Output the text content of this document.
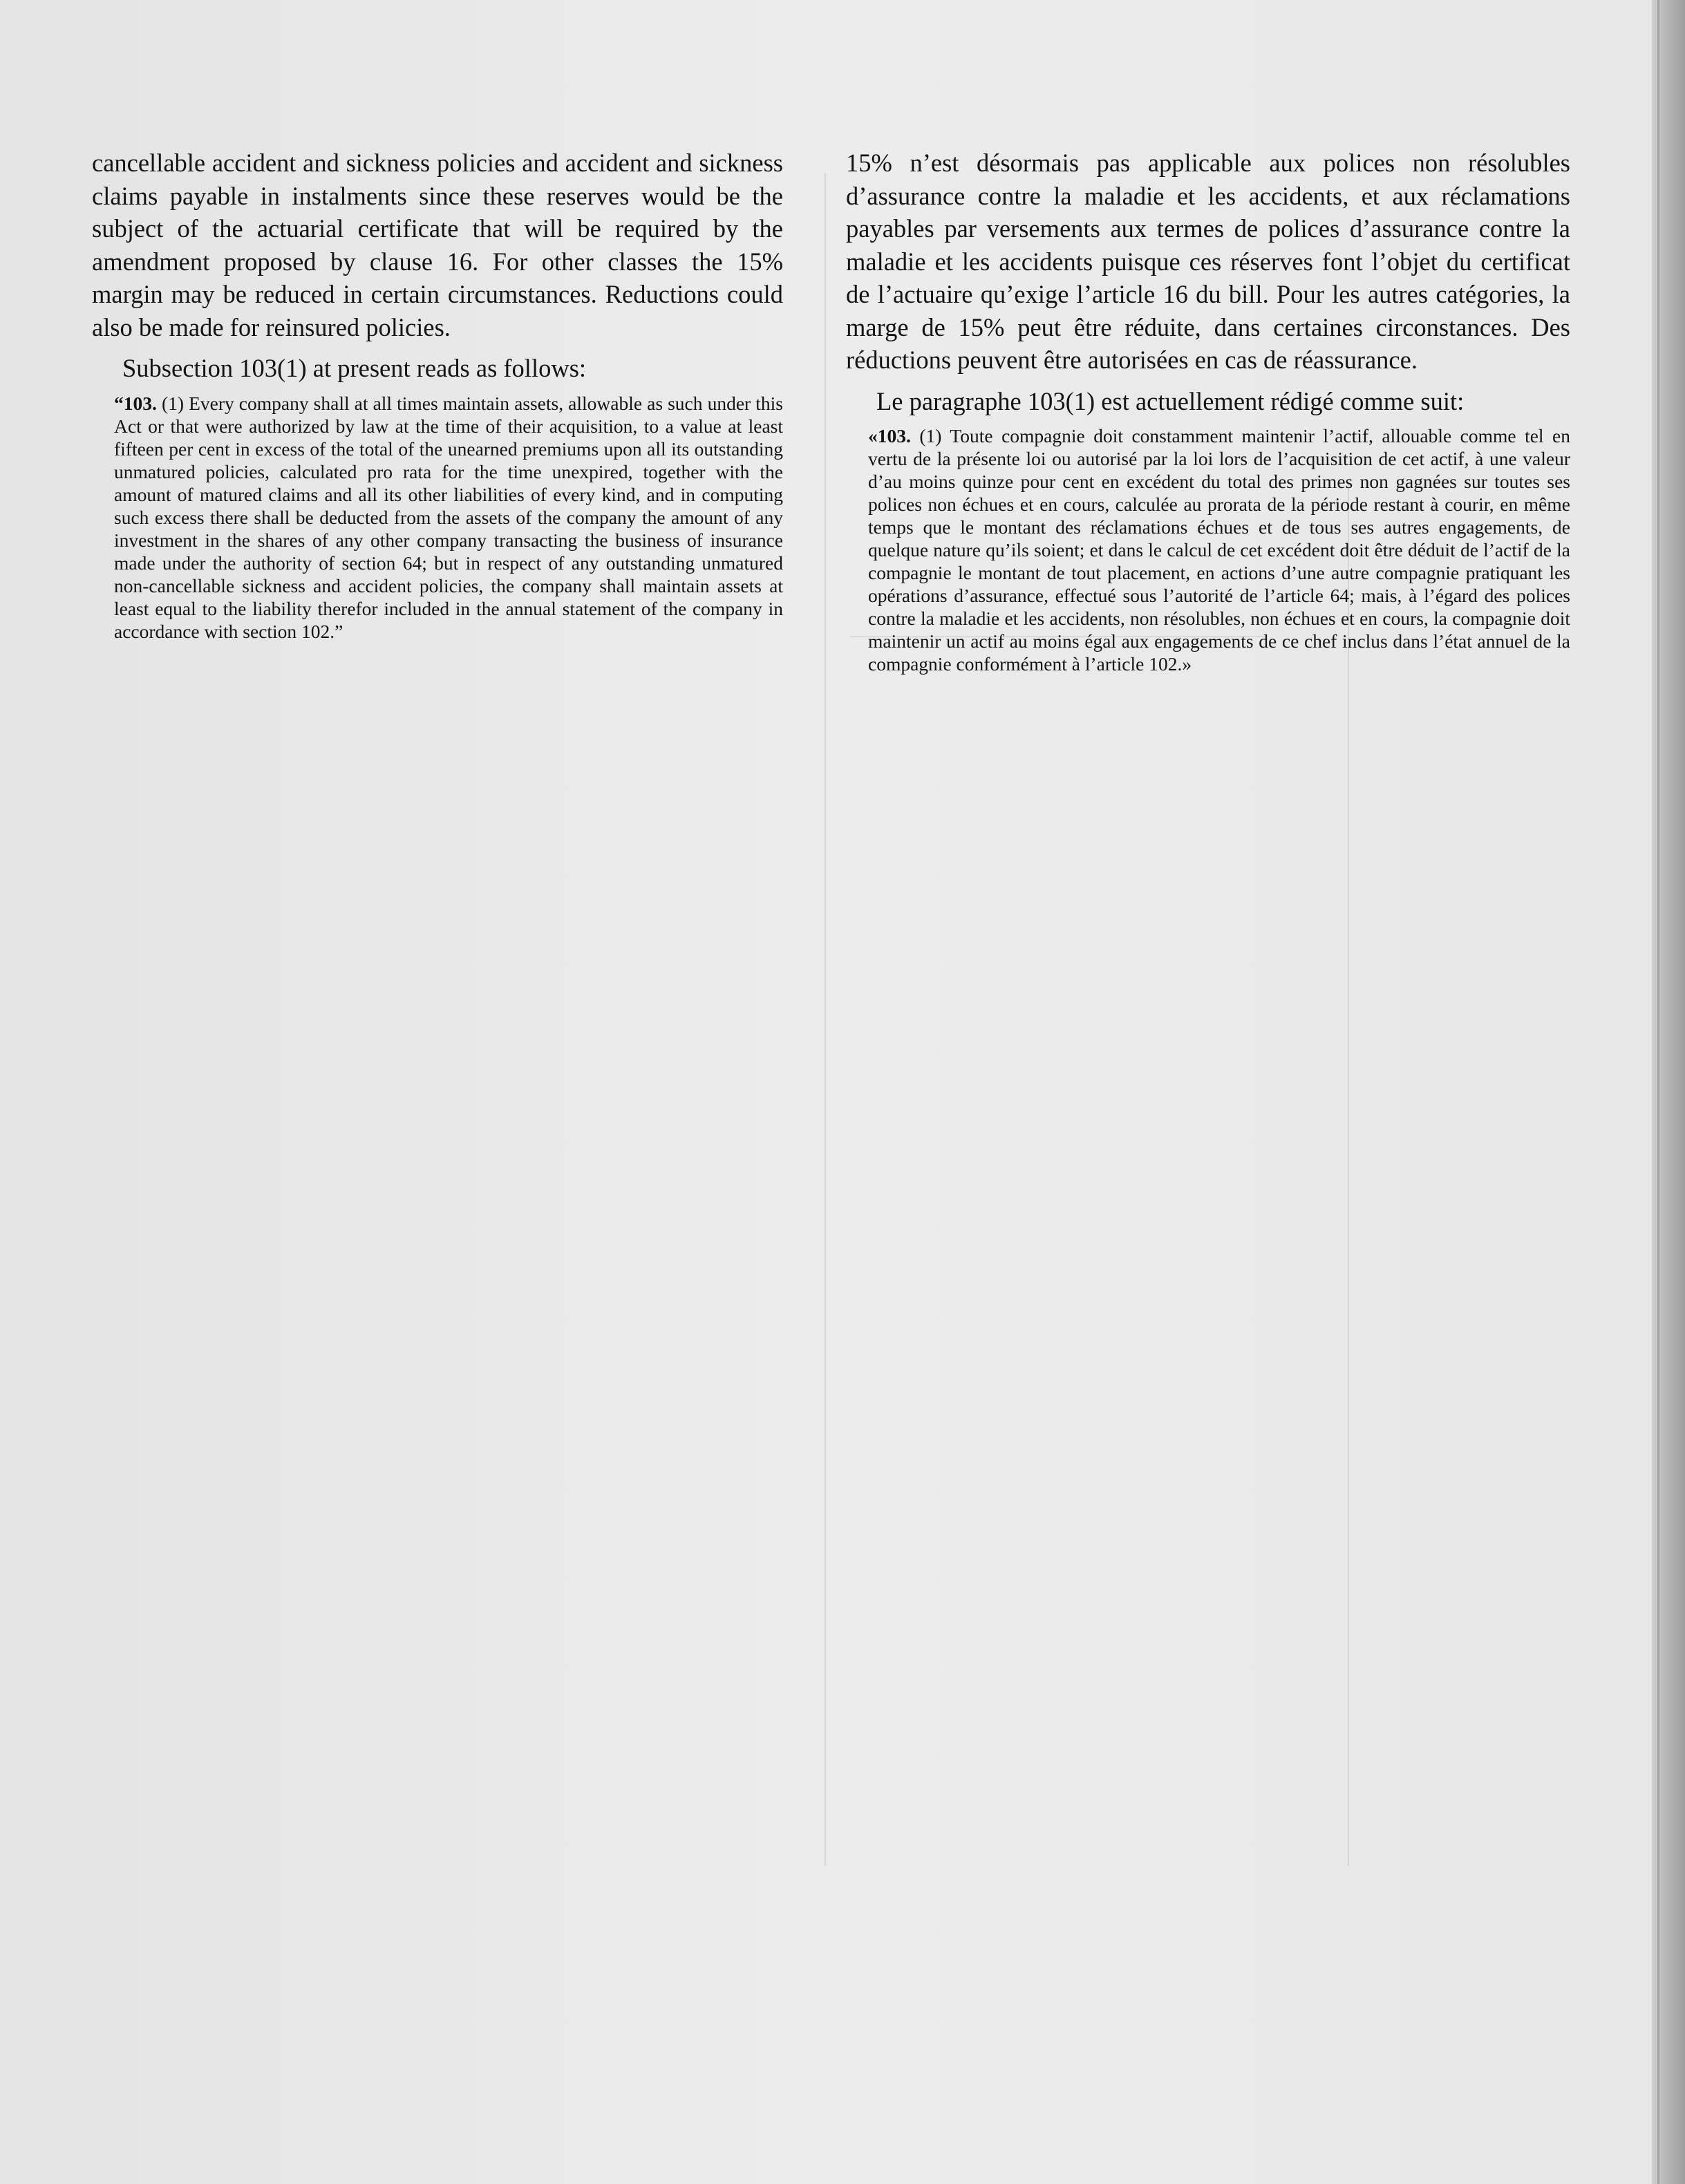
cancellable accident and sickness policies and accident and sickness claims payable in instalments since these reserves would be the subject of the actuarial certificate that will be required by the amendment proposed by clause 16. For other classes the 15% margin may be reduced in certain circumstances. Reductions could also be made for reinsured policies.

Subsection 103(1) at present reads as follows:

“103. (1) Every company shall at all times maintain assets, allowable as such under this Act or that were authorized by law at the time of their acquisition, to a value at least fifteen per cent in excess of the total of the unearned premiums upon all its outstanding unmatured policies, calculated pro rata for the time unexpired, together with the amount of matured claims and all its other liabilities of every kind, and in computing such excess there shall be deducted from the assets of the company the amount of any investment in the shares of any other company transacting the business of insurance made under the authority of section 64; but in respect of any outstanding unmatured non-cancellable sickness and accident policies, the company shall maintain assets at least equal to the liability therefor included in the annual statement of the company in accordance with section 102.”

15% n’est désormais pas applicable aux polices non résolubles d’assurance contre la maladie et les accidents, et aux réclamations payables par versements aux termes de polices d’assurance contre la maladie et les accidents puisque ces réserves font l’objet du certificat de l’actuaire qu’exige l’article 16 du bill. Pour les autres catégories, la marge de 15% peut être réduite, dans certaines circonstances. Des réductions peuvent être autorisées en cas de réassurance.

Le paragraphe 103(1) est actuellement rédigé comme suit:

«103. (1) Toute compagnie doit constamment maintenir l’actif, allouable comme tel en vertu de la présente loi ou autorisé par la loi lors de l’acquisition de cet actif, à une valeur d’au moins quinze pour cent en excédent du total des primes non gagnées sur toutes ses polices non échues et en cours, calculée au prorata de la période restant à courir, en même temps que le montant des réclamations échues et de tous ses autres engagements, de quelque nature qu’ils soient; et dans le calcul de cet excédent doit être déduit de l’actif de la compagnie le montant de tout placement, en actions d’une autre compagnie pratiquant les opérations d’assurance, effectué sous l’autorité de l’article 64; mais, à l’égard des polices contre la maladie et les accidents, non résolubles, non échues et en cours, la compagnie doit maintenir un actif au moins égal aux engagements de ce chef inclus dans l’état annuel de la compagnie conformément à l’article 102.»
